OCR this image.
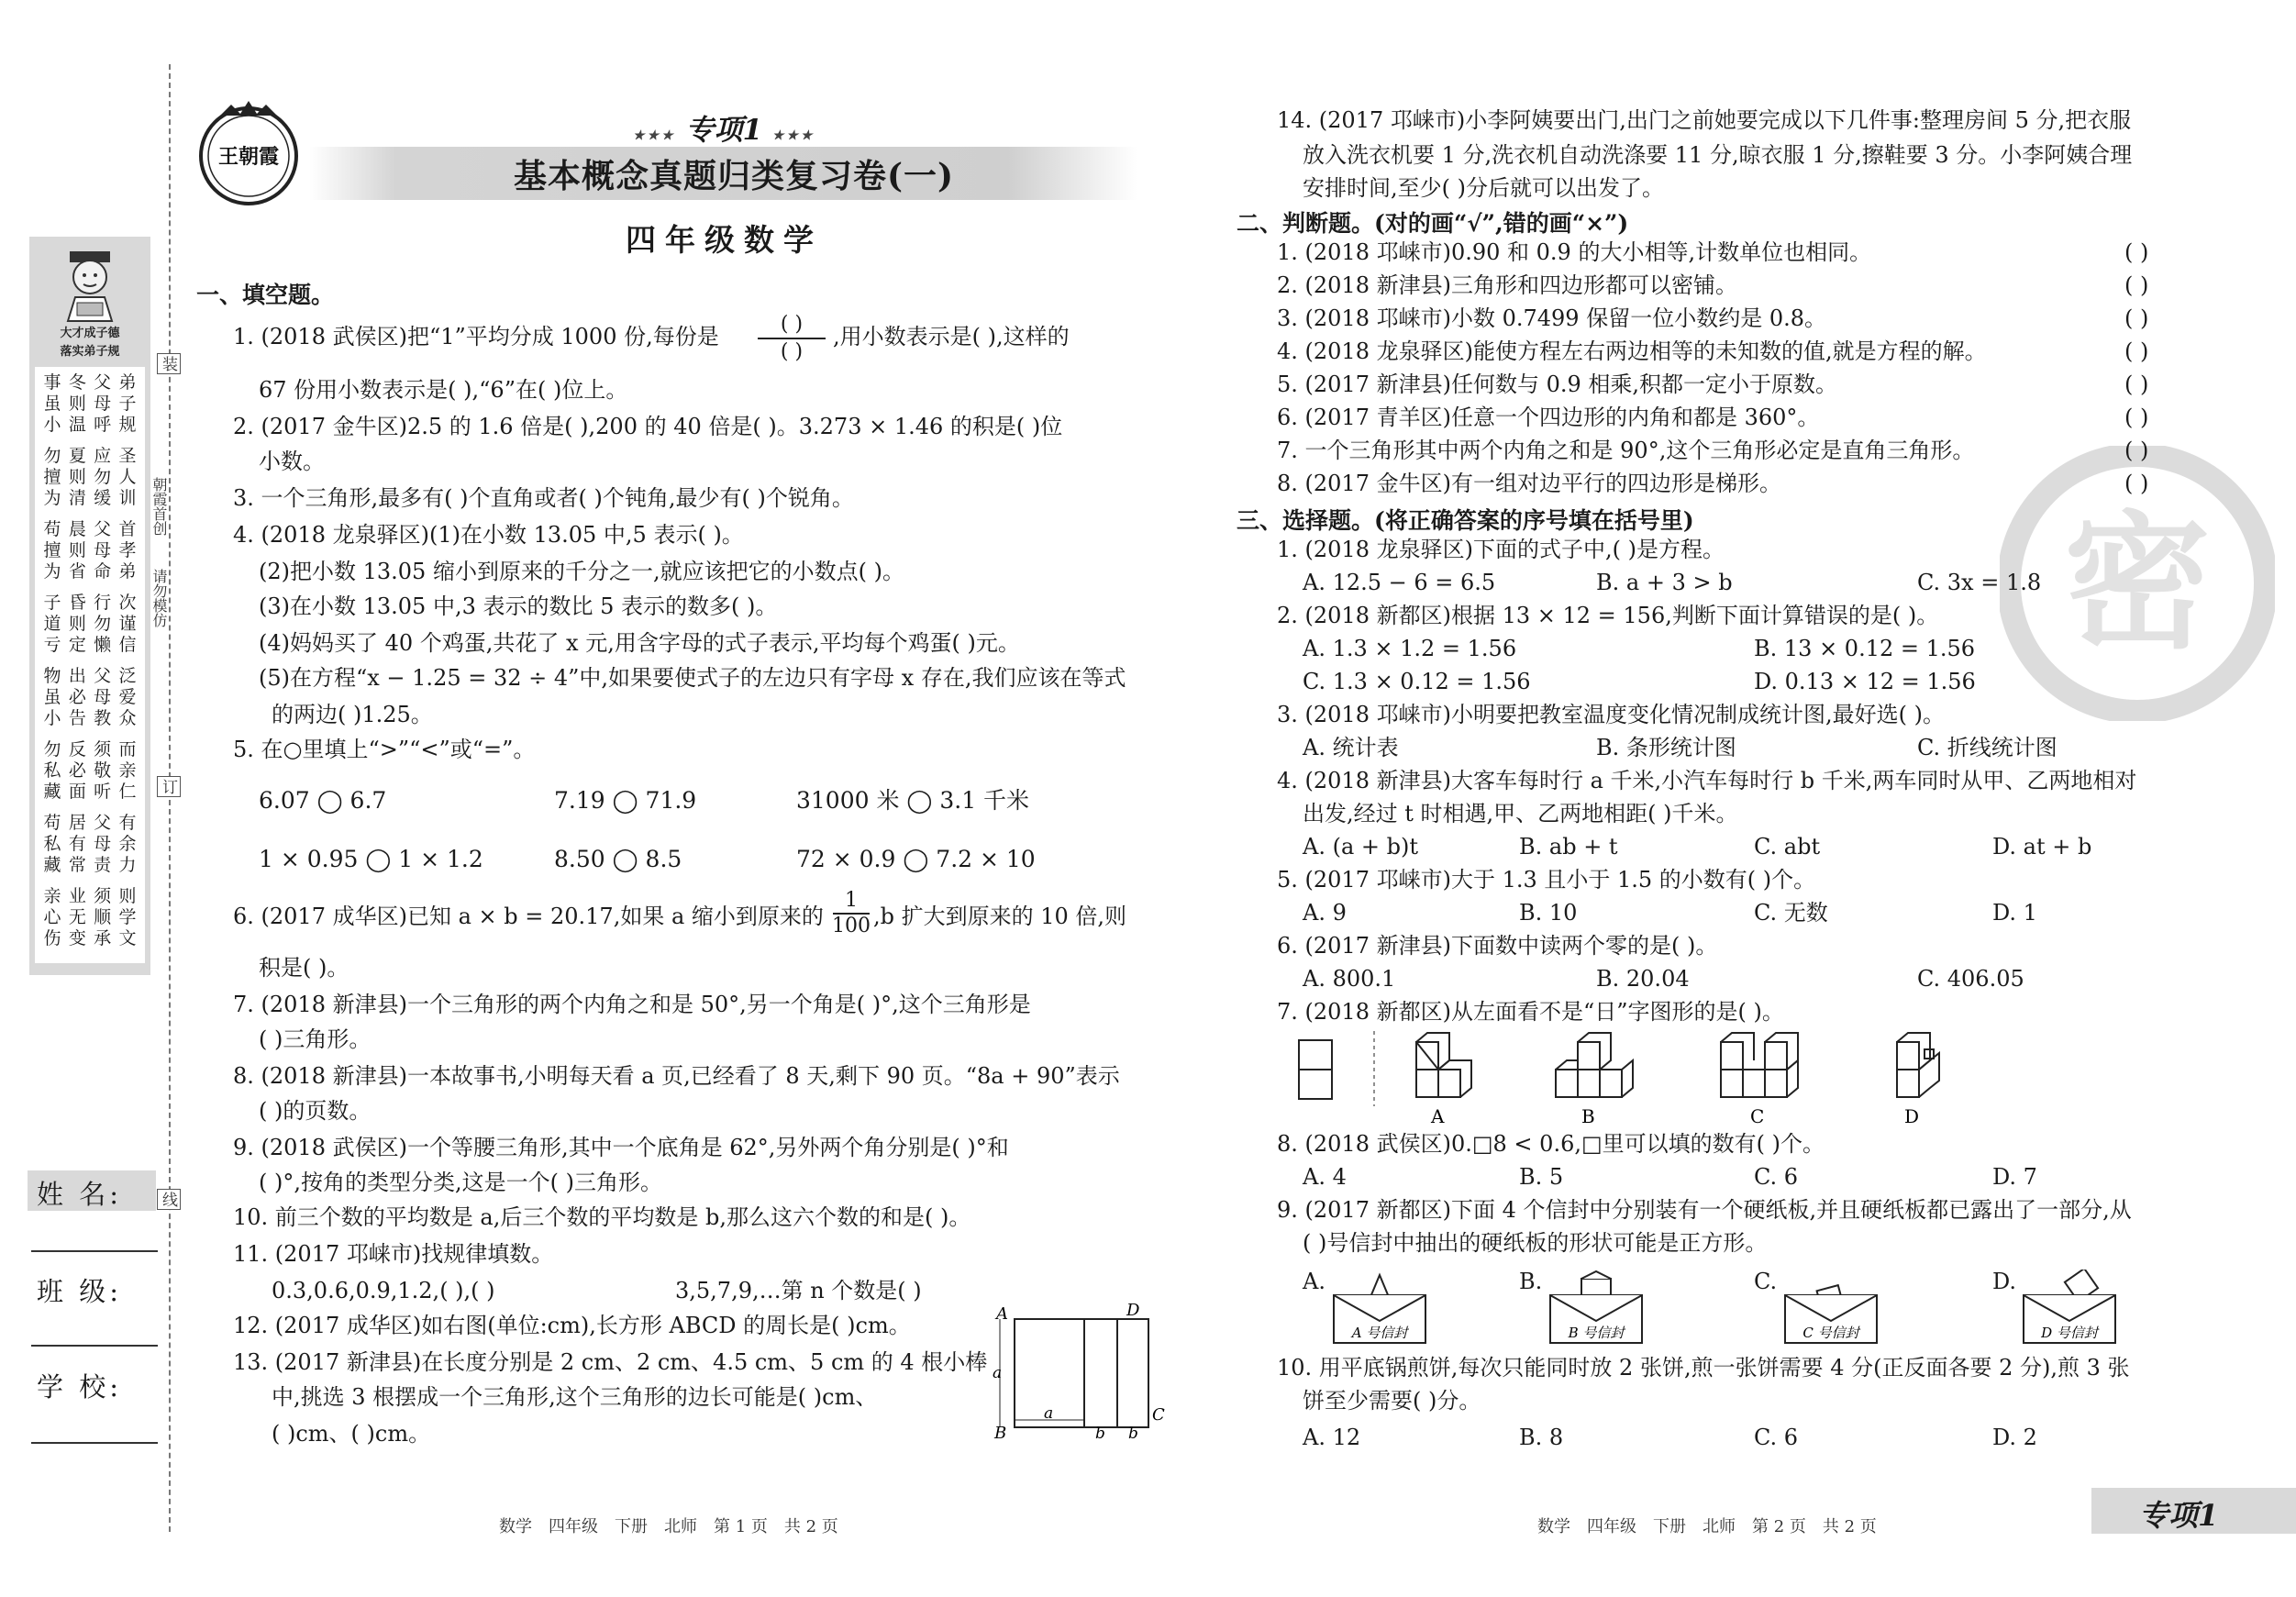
大才成子德
落实弟子规
事 冬 父 弟
虽 则 母 子
小 温 呼 规
勿 夏 应 圣
擅 则 勿 人
为 清 缓 训
苟 晨 父 首
擅 则 母 孝
为 省 命 弟
子 昏 行 次
道 则 勿 谨
亏 定 懒 信
物 出 父 泛
虽 必 母 爱
小 告 教 众
勿 反 须 而
私 必 敬 亲
藏 面 听 仁
苟 居 父 有
私 有 母 余
藏 常 责 力
亲 业 须 则
心 无 顺 学
伤 变 承 文
装
朝霞首创
请勿模仿
订
线
姓 名:
班 级:
学 校:
王朝霞
★★★ 专项1 ★★★
基本概念真题归类复习卷(一)
四年级数学
一、填空题。
1. (2018 武侯区)把“1”平均分成 1000 份,每份是	( )
( )
,用小数表示是( ),这样的
67 份用小数表示是( ),“6”在( )位上。
2. (2017 金牛区)2.5 的 1.6 倍是( ),200 的 40 倍是( )。3.273 × 1.46 的积是( )位
小数。
3. 一个三角形,最多有( )个直角或者( )个钝角,最少有( )个锐角。
4. (2018 龙泉驿区)(1)在小数 13.05 中,5 表示( )。
(2)把小数 13.05 缩小到原来的千分之一,就应该把它的小数点( )。
(3)在小数 13.05 中,3 表示的数比 5 表示的数多( )。
(4)妈妈买了 40 个鸡蛋,共花了 x 元,用含字母的式子表示,平均每个鸡蛋( )元。
(5)在方程“x − 1.25 = 32 ÷ 4”中,如果要使式子的左边只有字母 x 存在,我们应该在等式
的两边( )1.25。
5. 在○里填上“>”“<”或“=”。
6.07 ◯ 6.7	7.19 ◯ 71.9	31000 米 ◯ 3.1 千米
1 × 0.95 ◯ 1 × 1.2	8.50 ◯ 8.5	72 × 0.9 ◯ 7.2 × 10
6. (2017 成华区)已知 a × b = 20.17,如果 a 缩小到原来的
1
100 ,b 扩大到原来的 10 倍,则
积是( )。
7. (2018 新津县)一个三角形的两个内角之和是 50°,另一个角是( )°,这个三角形是
( )三角形。
8. (2018 新津县)一本故事书,小明每天看 a 页,已经看了 8 天,剩下 90 页。“8a + 90”表示
( )的页数。
9. (2018 武侯区)一个等腰三角形,其中一个底角是 62°,另外两个角分别是( )°和
( )°,按角的类型分类,这是一个( )三角形。
10. 前三个数的平均数是 a,后三个数的平均数是 b,那么这六个数的和是( )。
11. (2017 邛崃市)找规律填数。
0.3,0.6,0.9,1.2,( ),( )	3,5,7,9,…第 n 个数是( )
12. (2017 成华区)如右图(单位:cm),长方形 ABCD 的周长是( )cm。
13. (2017 新津县)在长度分别是 2 cm、2 cm、4.5 cm、5 cm 的 4 根小棒
中,挑选 3 根摆成一个三角形,这个三角形的边长可能是( )cm、
( )cm、( )cm。
A	D
B
C
a
a
b b
数学　四年级　下册　北师　第 1 页　共 2 页
密
14. (2017 邛崃市)小李阿姨要出门,出门之前她要完成以下几件事:整理房间 5 分,把衣服
放入洗衣机要 1 分,洗衣机自动洗涤要 11 分,晾衣服 1 分,擦鞋要 3 分。小李阿姨合理
安排时间,至少( )分后就可以出发了。
二、判断题。(对的画“√”,错的画“×”)
1. (2018 邛崃市)0.90 和 0.9 的大小相等,计数单位也相同。	( )
2. (2018 新津县)三角形和四边形都可以密铺。	( )
3. (2018 邛崃市)小数 0.7499 保留一位小数约是 0.8。	( )
4. (2018 龙泉驿区)能使方程左右两边相等的未知数的值,就是方程的解。	( )
5. (2017 新津县)任何数与 0.9 相乘,积都一定小于原数。	( )
6. (2017 青羊区)任意一个四边形的内角和都是 360°。	( )
7. 一个三角形其中两个内角之和是 90°,这个三角形必定是直角三角形。	( )
8. (2017 金牛区)有一组对边平行的四边形是梯形。	( )
三、选择题。(将正确答案的序号填在括号里)
1. (2018 龙泉驿区)下面的式子中,( )是方程。
A. 12.5 − 6 = 6.5	B. a + 3 > b	C. 3x = 1.8
2. (2018 新都区)根据 13 × 12 = 156,判断下面计算错误的是( )。
A. 1.3 × 1.2 = 1.56	B. 13 × 0.12 = 1.56
C. 1.3 × 0.12 = 1.56	D. 0.13 × 12 = 1.56
3. (2018 邛崃市)小明要把教室温度变化情况制成统计图,最好选( )。
A. 统计表	B. 条形统计图	C. 折线统计图
4. (2018 新津县)大客车每时行 a 千米,小汽车每时行 b 千米,两车同时从甲、乙两地相对
出发,经过 t 时相遇,甲、乙两地相距( )千米。
A. (a + b)t	B. ab + t	C. abt	D. at + b
5. (2017 邛崃市)大于 1.3 且小于 1.5 的小数有( )个。
A. 9	B. 10	C. 无数	D. 1
6. (2017 新津县)下面数中读两个零的是( )。
A. 800.1	B. 20.04	C. 406.05
7. (2018 新都区)从左面看不是“日”字图形的是( )。
A	B	C	D
8. (2018 武侯区)0.□8 < 0.6,□里可以填的数有( )个。
A. 4	B. 5	C. 6	D. 7
9. (2017 新都区)下面 4 个信封中分别装有一个硬纸板,并且硬纸板都已露出了一部分,从
( )号信封中抽出的硬纸板的形状可能是正方形。
A.
A 号信封
B.
B 号信封
C.
C 号信封
D.
D 号信封
10. 用平底锅煎饼,每次只能同时放 2 张饼,煎一张饼需要 4 分(正反面各要 2 分),煎 3 张
饼至少需要( )分。
A. 12	B. 8	C. 6	D. 2
数学　四年级　下册　北师　第 2 页　共 2 页	专项1
